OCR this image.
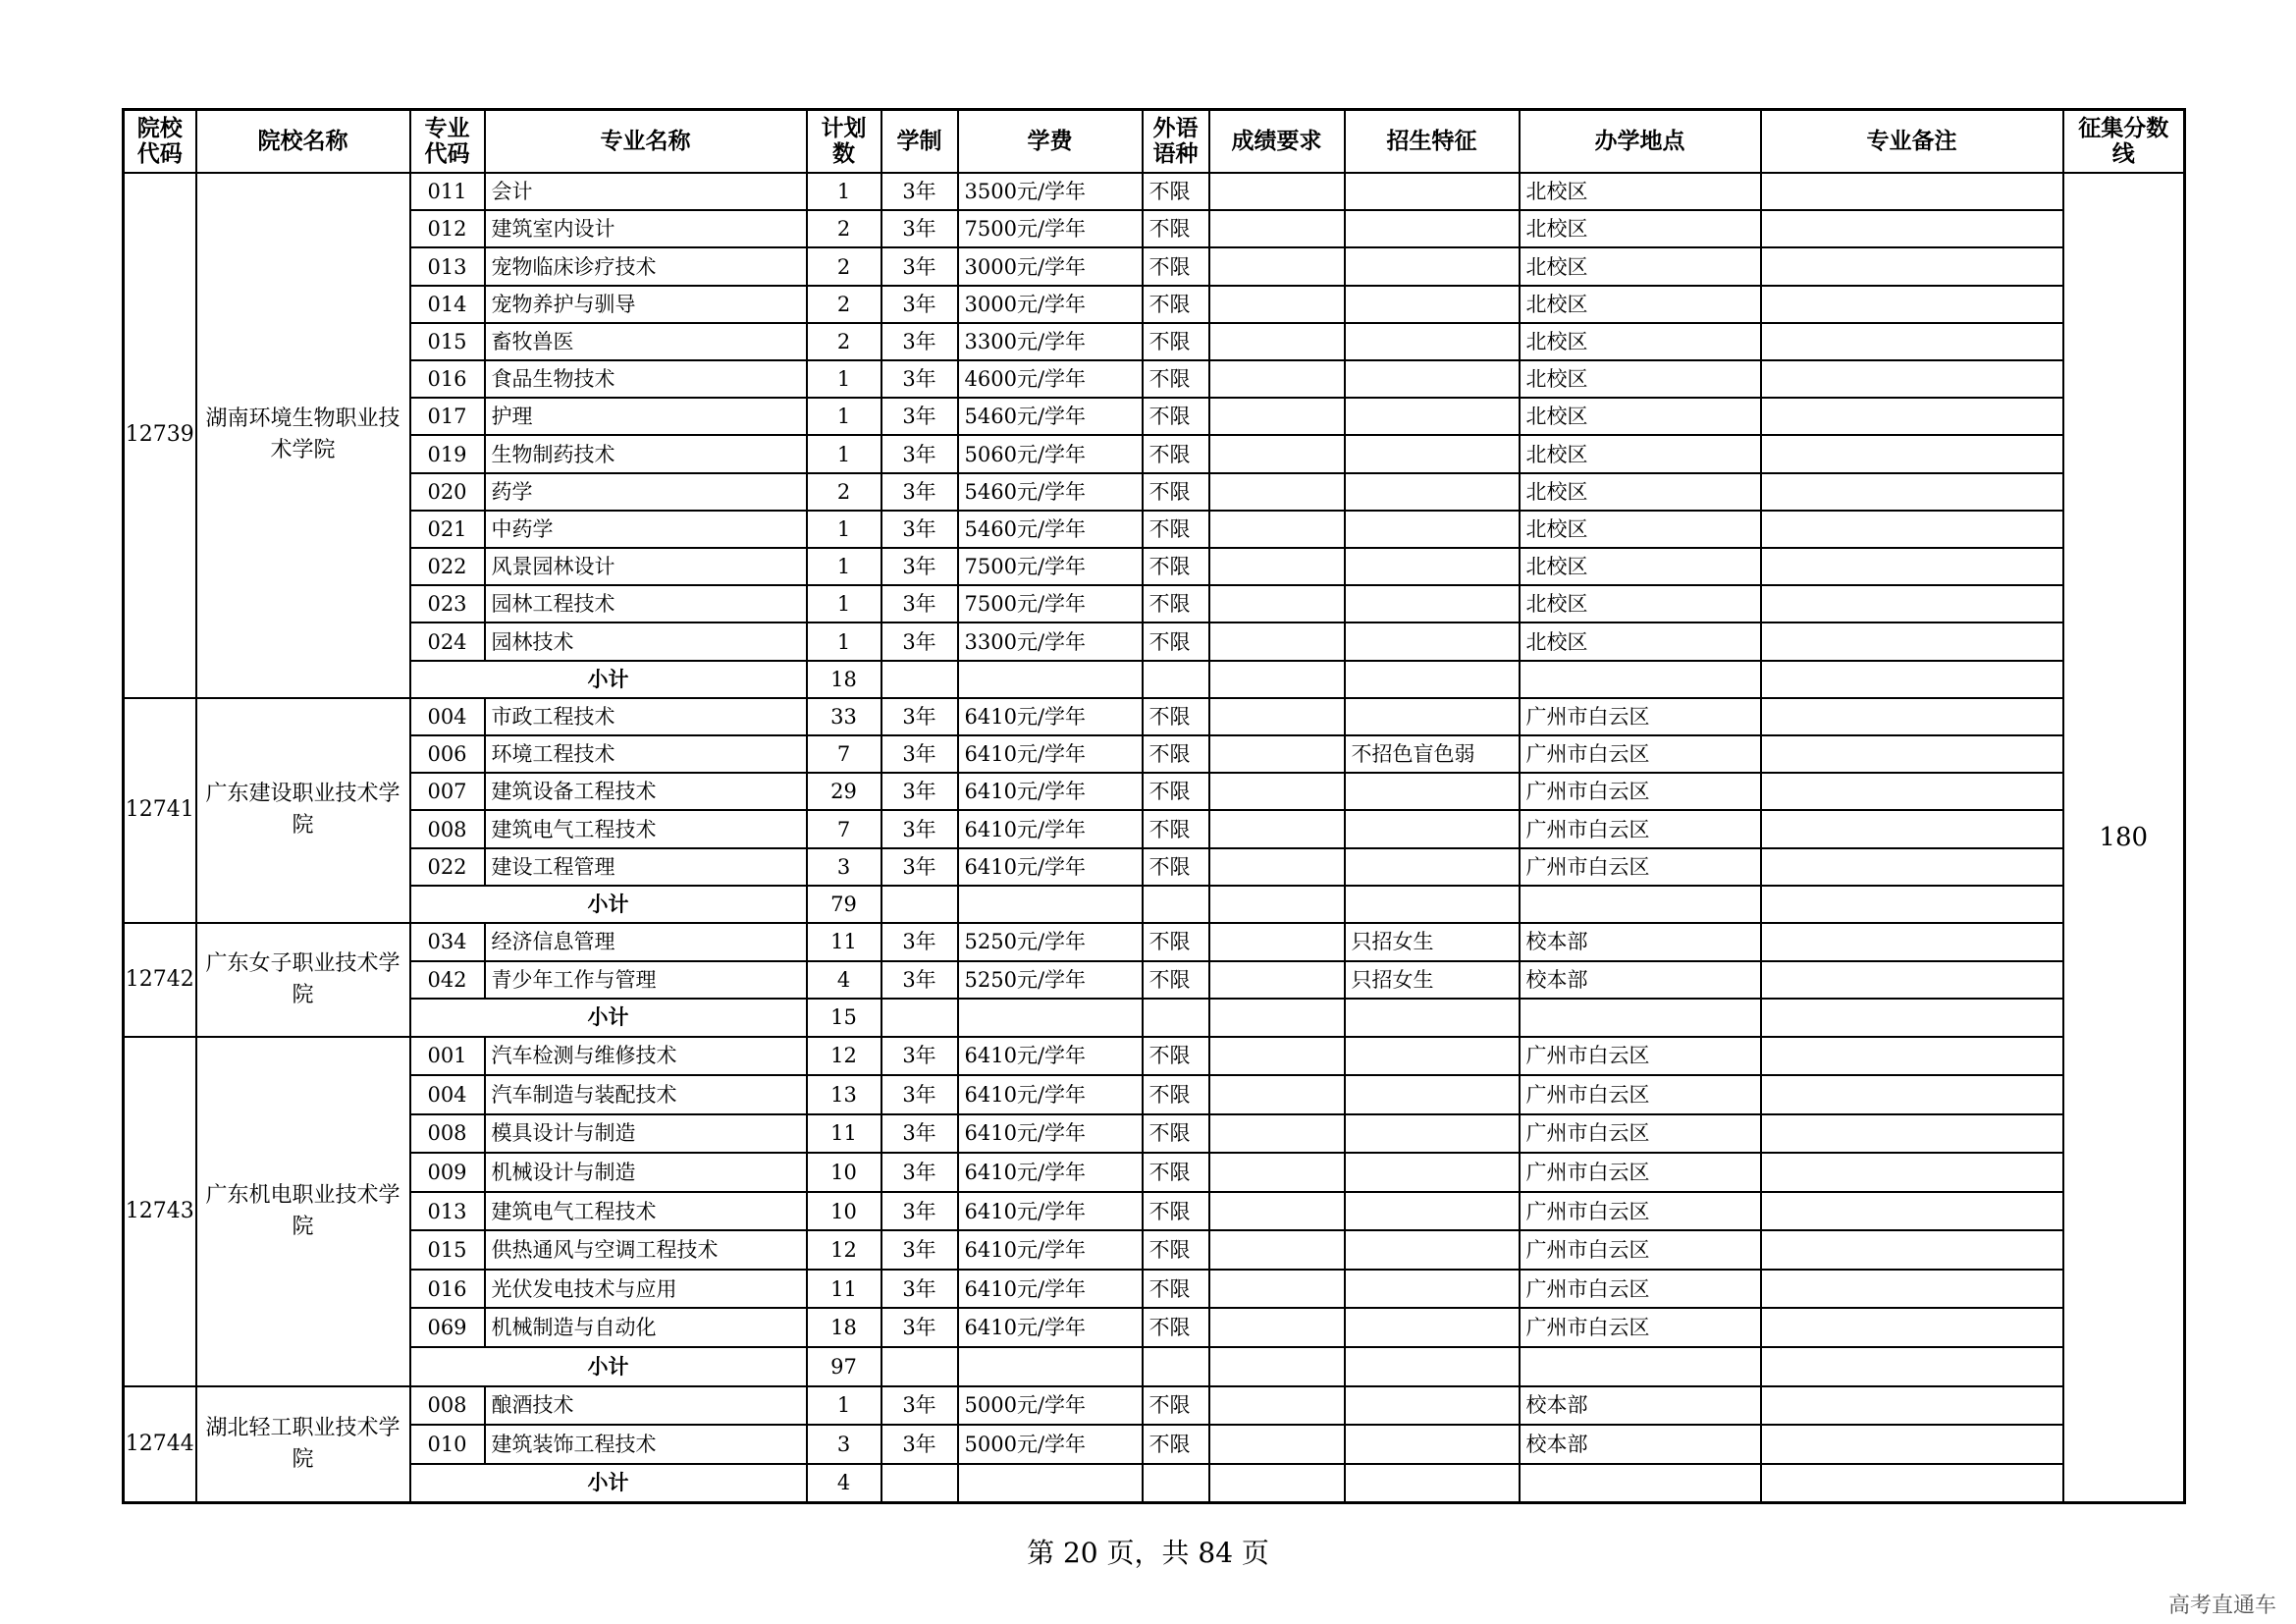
院校代码	院校名称	专业代码	专业名称	计划数	学制	学费	外语语种	成绩要求	招生特征	办学地点	专业备注	征集分数线
12739	湖南环境生物职业技术学院	011	会计	1	3年	3500元/学年	不限			北校区		180
		012	建筑室内设计	2	3年	7500元/学年	不限			北校区		
		013	宠物临床诊疗技术	2	3年	3000元/学年	不限			北校区		
		014	宠物养护与驯导	2	3年	3000元/学年	不限			北校区		
		015	畜牧兽医	2	3年	3300元/学年	不限			北校区		
		016	食品生物技术	1	3年	4600元/学年	不限			北校区		
		017	护理	1	3年	5460元/学年	不限			北校区		
		019	生物制药技术	1	3年	5060元/学年	不限			北校区		
		020	药学	2	3年	5460元/学年	不限			北校区		
		021	中药学	1	3年	5460元/学年	不限			北校区		
		022	风景园林设计	1	3年	7500元/学年	不限			北校区		
		023	园林工程技术	1	3年	7500元/学年	不限			北校区		
		024	园林技术	1	3年	3300元/学年	不限			北校区		
		小计		18								
12741	广东建设职业技术学院	004	市政工程技术	33	3年	6410元/学年	不限			广州市白云区		
		006	环境工程技术	7	3年	6410元/学年	不限		不招色盲色弱	广州市白云区		
		007	建筑设备工程技术	29	3年	6410元/学年	不限			广州市白云区		
		008	建筑电气工程技术	7	3年	6410元/学年	不限			广州市白云区		
		022	建设工程管理	3	3年	6410元/学年	不限			广州市白云区		
		小计		79								
12742	广东女子职业技术学院	034	经济信息管理	11	3年	5250元/学年	不限		只招女生	校本部		
		042	青少年工作与管理	4	3年	5250元/学年	不限		只招女生	校本部		
		小计		15								
12743	广东机电职业技术学院	001	汽车检测与维修技术	12	3年	6410元/学年	不限			广州市白云区		
		004	汽车制造与装配技术	13	3年	6410元/学年	不限			广州市白云区		
		008	模具设计与制造	11	3年	6410元/学年	不限			广州市白云区		
		009	机械设计与制造	10	3年	6410元/学年	不限			广州市白云区		
		013	建筑电气工程技术	10	3年	6410元/学年	不限			广州市白云区		
		015	供热通风与空调工程技术	12	3年	6410元/学年	不限			广州市白云区		
		016	光伏发电技术与应用	11	3年	6410元/学年	不限			广州市白云区		
		069	机械制造与自动化	18	3年	6410元/学年	不限			广州市白云区		
		小计		97								
12744	湖北轻工职业技术学院	008	酿酒技术	1	3年	5000元/学年	不限			校本部		
		010	建筑装饰工程技术	3	3年	5000元/学年	不限			校本部		
		小计		4								
第 20 页，共 84 页
高考直通车
